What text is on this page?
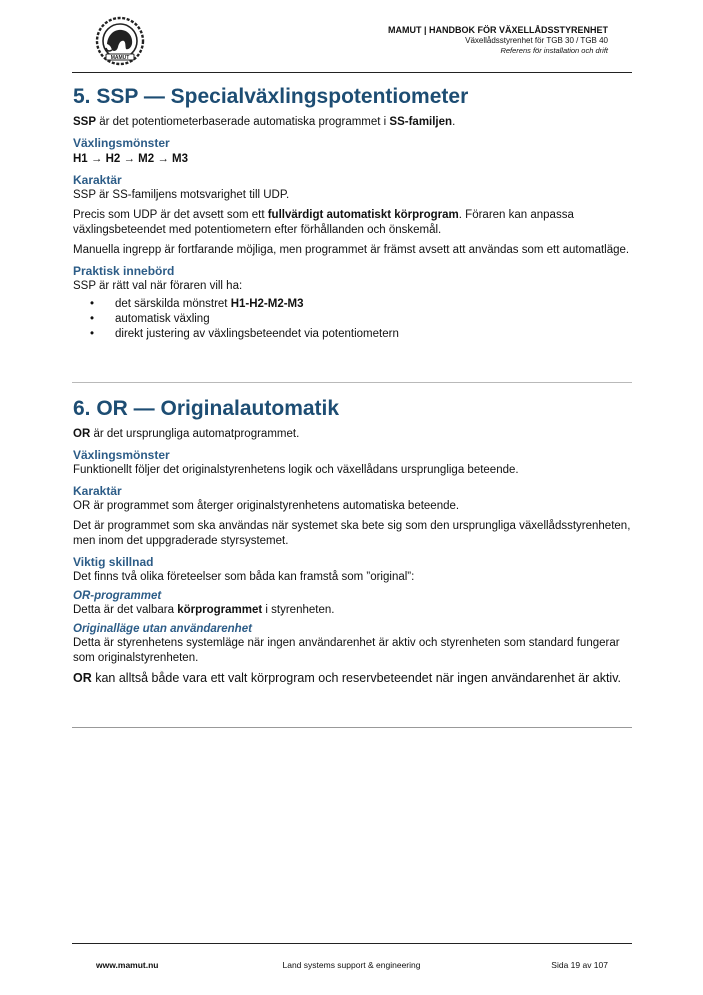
MAMUT
MAMUT | HANDBOK FÖR VÄXELLÅDSSTYRENHET
Växellådsstyrenhet för TGB 30 / TGB 40
Referens för installation och drift
5. SSP — Specialväxlingspotentiometer

SSP är det potentiometerbaserade automatiska programmet i SS-familjen.

Växlingsmönster

H1 → H2 → M2 → M3

Karaktär

SSP är SS-familjens motsvarighet till UDP.

Precis som UDP är det avsett som ett fullvärdigt automatiskt körprogram. Föraren kan anpassa växlingsbeteendet med potentiometern efter förhållanden och önskemål.

Manuella ingrepp är fortfarande möjliga, men programmet är främst avsett att användas som ett automatläge.

Praktisk innebörd

SSP är rätt val när föraren vill ha:

• det särskilda mönstret H1-H2-M2-M3
• automatisk växling
• direkt justering av växlingsbeteendet via potentiometern
6. OR — Originalautomatik

OR är det ursprungliga automatprogrammet.

Växlingsmönster

Funktionellt följer det originalstyrenhetens logik och växellådans ursprungliga beteende.

Karaktär

OR är programmet som återger originalstyrenhetens automatiska beteende.

Det är programmet som ska användas när systemet ska bete sig som den ursprungliga växellådsstyrenheten, men inom det uppgraderade styrsystemet.

Viktig skillnad

Det finns två olika företeelser som båda kan framstå som ”original”:

OR-programmet

Detta är det valbara körprogrammet i styrenheten.

Originalläge utan användarenhet

Detta är styrenhetens systemläge när ingen användarenhet är aktiv och styrenheten som standard fungerar som originalstyrenheten.

OR kan alltså både vara ett valt körprogram och reservbeteendet när ingen användarenhet är aktiv.

www.mamut.nu	Land systems support & engineering	Sida 19 av 107
